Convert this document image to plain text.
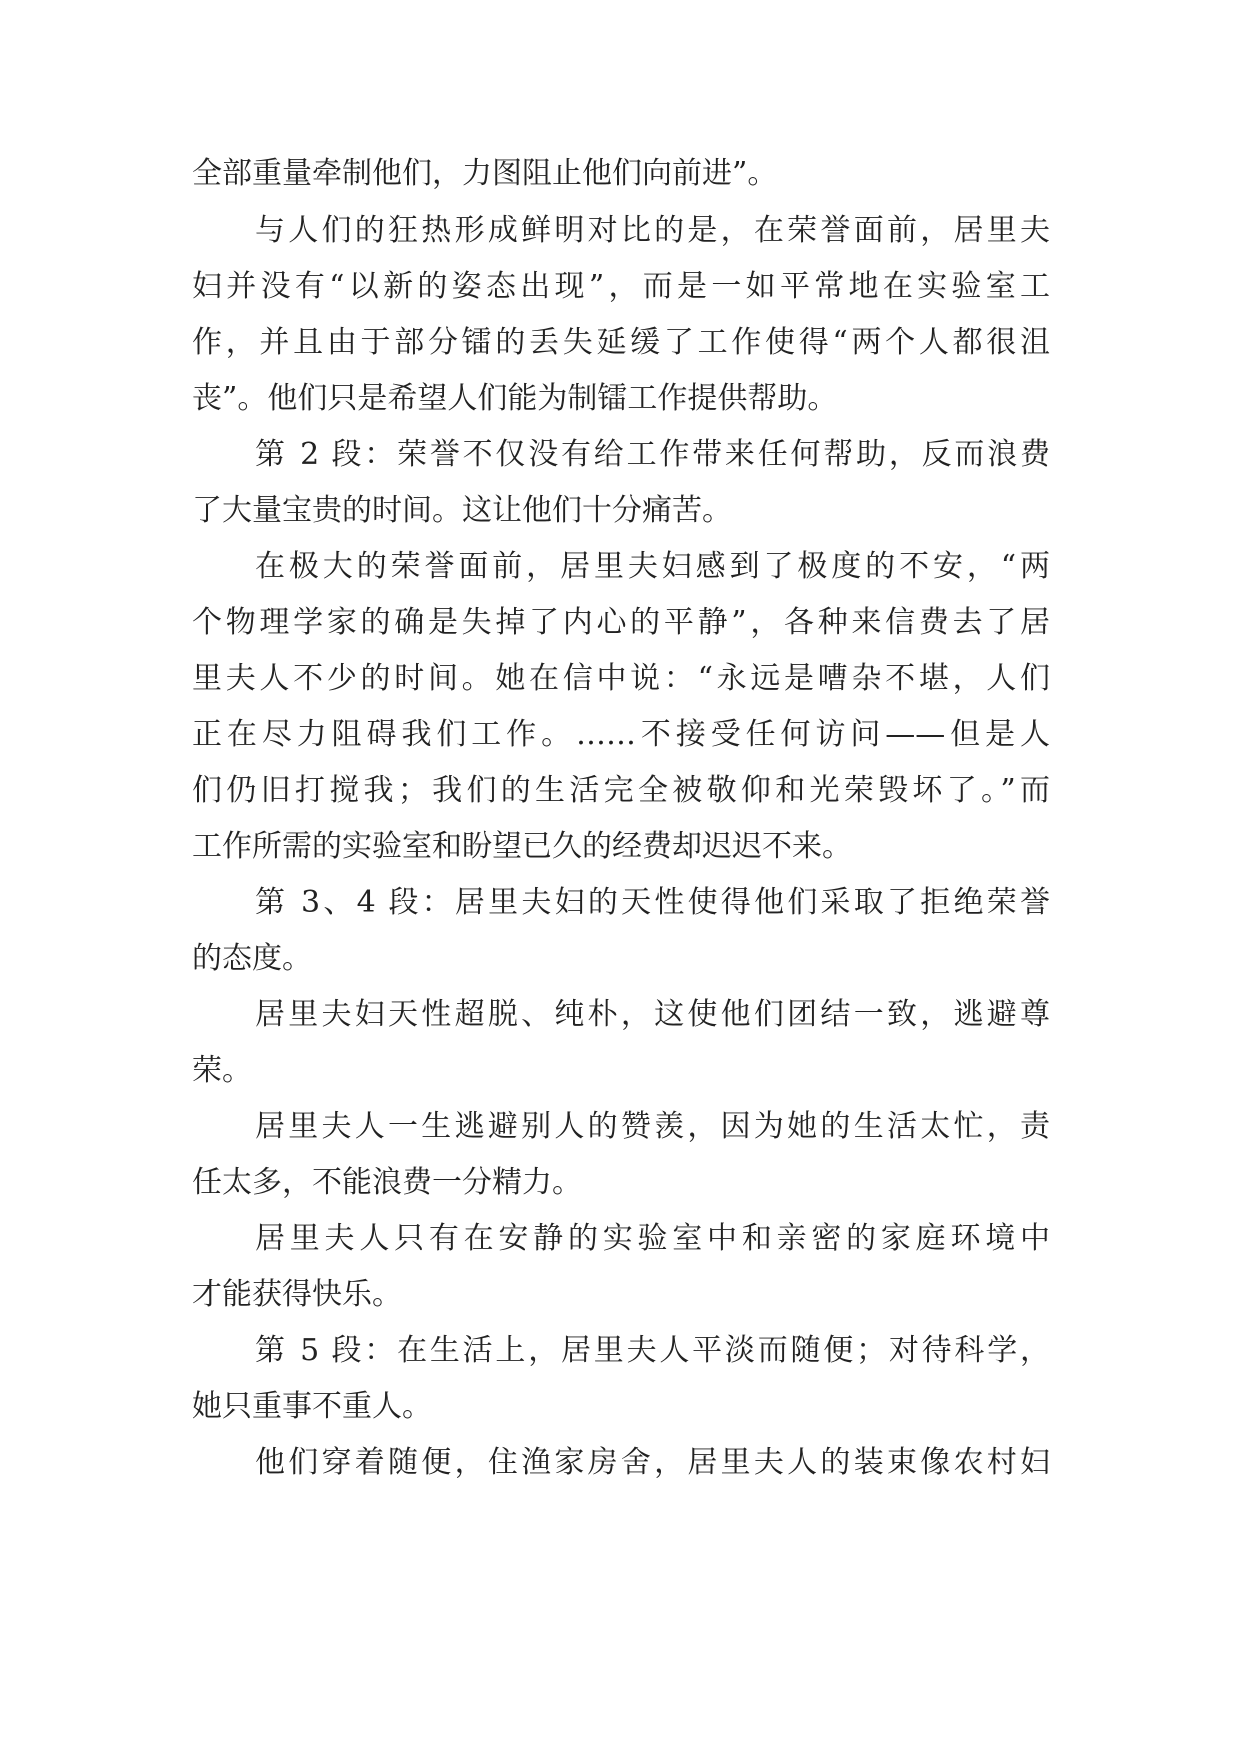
全部重量牵制他们，力图阻止他们向前进”。

与人们的狂热形成鲜明对比的是，在荣誉面前，居里夫

妇并没有“以新的姿态出现”，而是一如平常地在实验室工

作，并且由于部分镭的丢失延缓了工作使得“两个人都很沮

丧”。他们只是希望人们能为制镭工作提供帮助。

第 2 段：荣誉不仅没有给工作带来任何帮助，反而浪费

了大量宝贵的时间。这让他们十分痛苦。

在极大的荣誉面前，居里夫妇感到了极度的不安，“两

个物理学家的确是失掉了内心的平静”，各种来信费去了居

里夫人不少的时间。她在信中说：“永远是嘈杂不堪，人们

正在尽力阻碍我们工作。……不接受任何访问——但是人

们仍旧打搅我；我们的生活完全被敬仰和光荣毁坏了。”而

工作所需的实验室和盼望已久的经费却迟迟不来。

第 3、4 段：居里夫妇的天性使得他们采取了拒绝荣誉

的态度。

居里夫妇天性超脱、纯朴，这使他们团结一致，逃避尊

荣。

居里夫人一生逃避别人的赞羡，因为她的生活太忙，责

任太多，不能浪费一分精力。

居里夫人只有在安静的实验室中和亲密的家庭环境中

才能获得快乐。

第 5 段：在生活上，居里夫人平淡而随便；对待科学，

她只重事不重人。

他们穿着随便，住渔家房舍，居里夫人的装束像农村妇
